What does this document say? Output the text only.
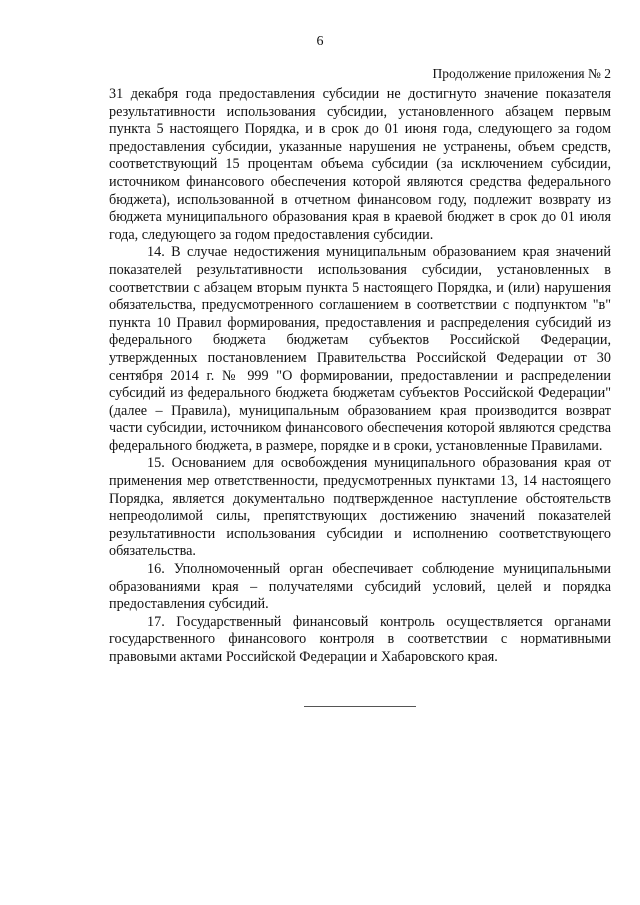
6
Продолжение приложения № 2

31 декабря года предоставления субсидии не достигнуто значение показателя результативности использования субсидии, установленного абзацем первым пункта 5 настоящего Порядка, и в срок до 01 июня года, следующего за годом предоставления субсидии, указанные нарушения не устранены, объем средств, соответствующий 15 процентам объема субсидии (за исключением субсидии, источником финансового обеспечения которой являются средства федерального бюджета), использованной в отчетном финансовом году, подлежит возврату из бюджета муниципального образования края в краевой бюджет в срок до 01 июля года, следующего за годом предоставления субсидии.

14. В случае недостижения муниципальным образованием края значений показателей результативности использования субсидии, установленных в соответствии с абзацем вторым пункта 5 настоящего Порядка, и (или) нарушения обязательства, предусмотренного соглашением в соответствии с подпунктом "в" пункта 10 Правил формирования, предоставления и распределения субсидий из федерального бюджета бюджетам субъектов Российской Федерации, утвержденных постановлением Правительства Российской Федерации от 30 сентября 2014 г. № 999 "О формировании, предоставлении и распределении субсидий из федерального бюджета бюджетам субъектов Российской Федерации" (далее – Правила), муниципальным образованием края производится возврат части субсидии, источником финансового обеспечения которой являются средства федерального бюджета, в размере, порядке и в сроки, установленные Правилами.

15. Основанием для освобождения муниципального образования края от применения мер ответственности, предусмотренных пунктами 13, 14 настоящего Порядка, является документально подтвержденное наступление обстоятельств непреодолимой силы, препятствующих достижению значений показателей результативности использования субсидии и исполнению соответствующего обязательства.

16. Уполномоченный орган обеспечивает соблюдение муниципальными образованиями края – получателями субсидий условий, целей и порядка предоставления субсидий.

17. Государственный финансовый контроль осуществляется органами государственного финансового контроля в соответствии с нормативными правовыми актами Российской Федерации и Хабаровского края.
